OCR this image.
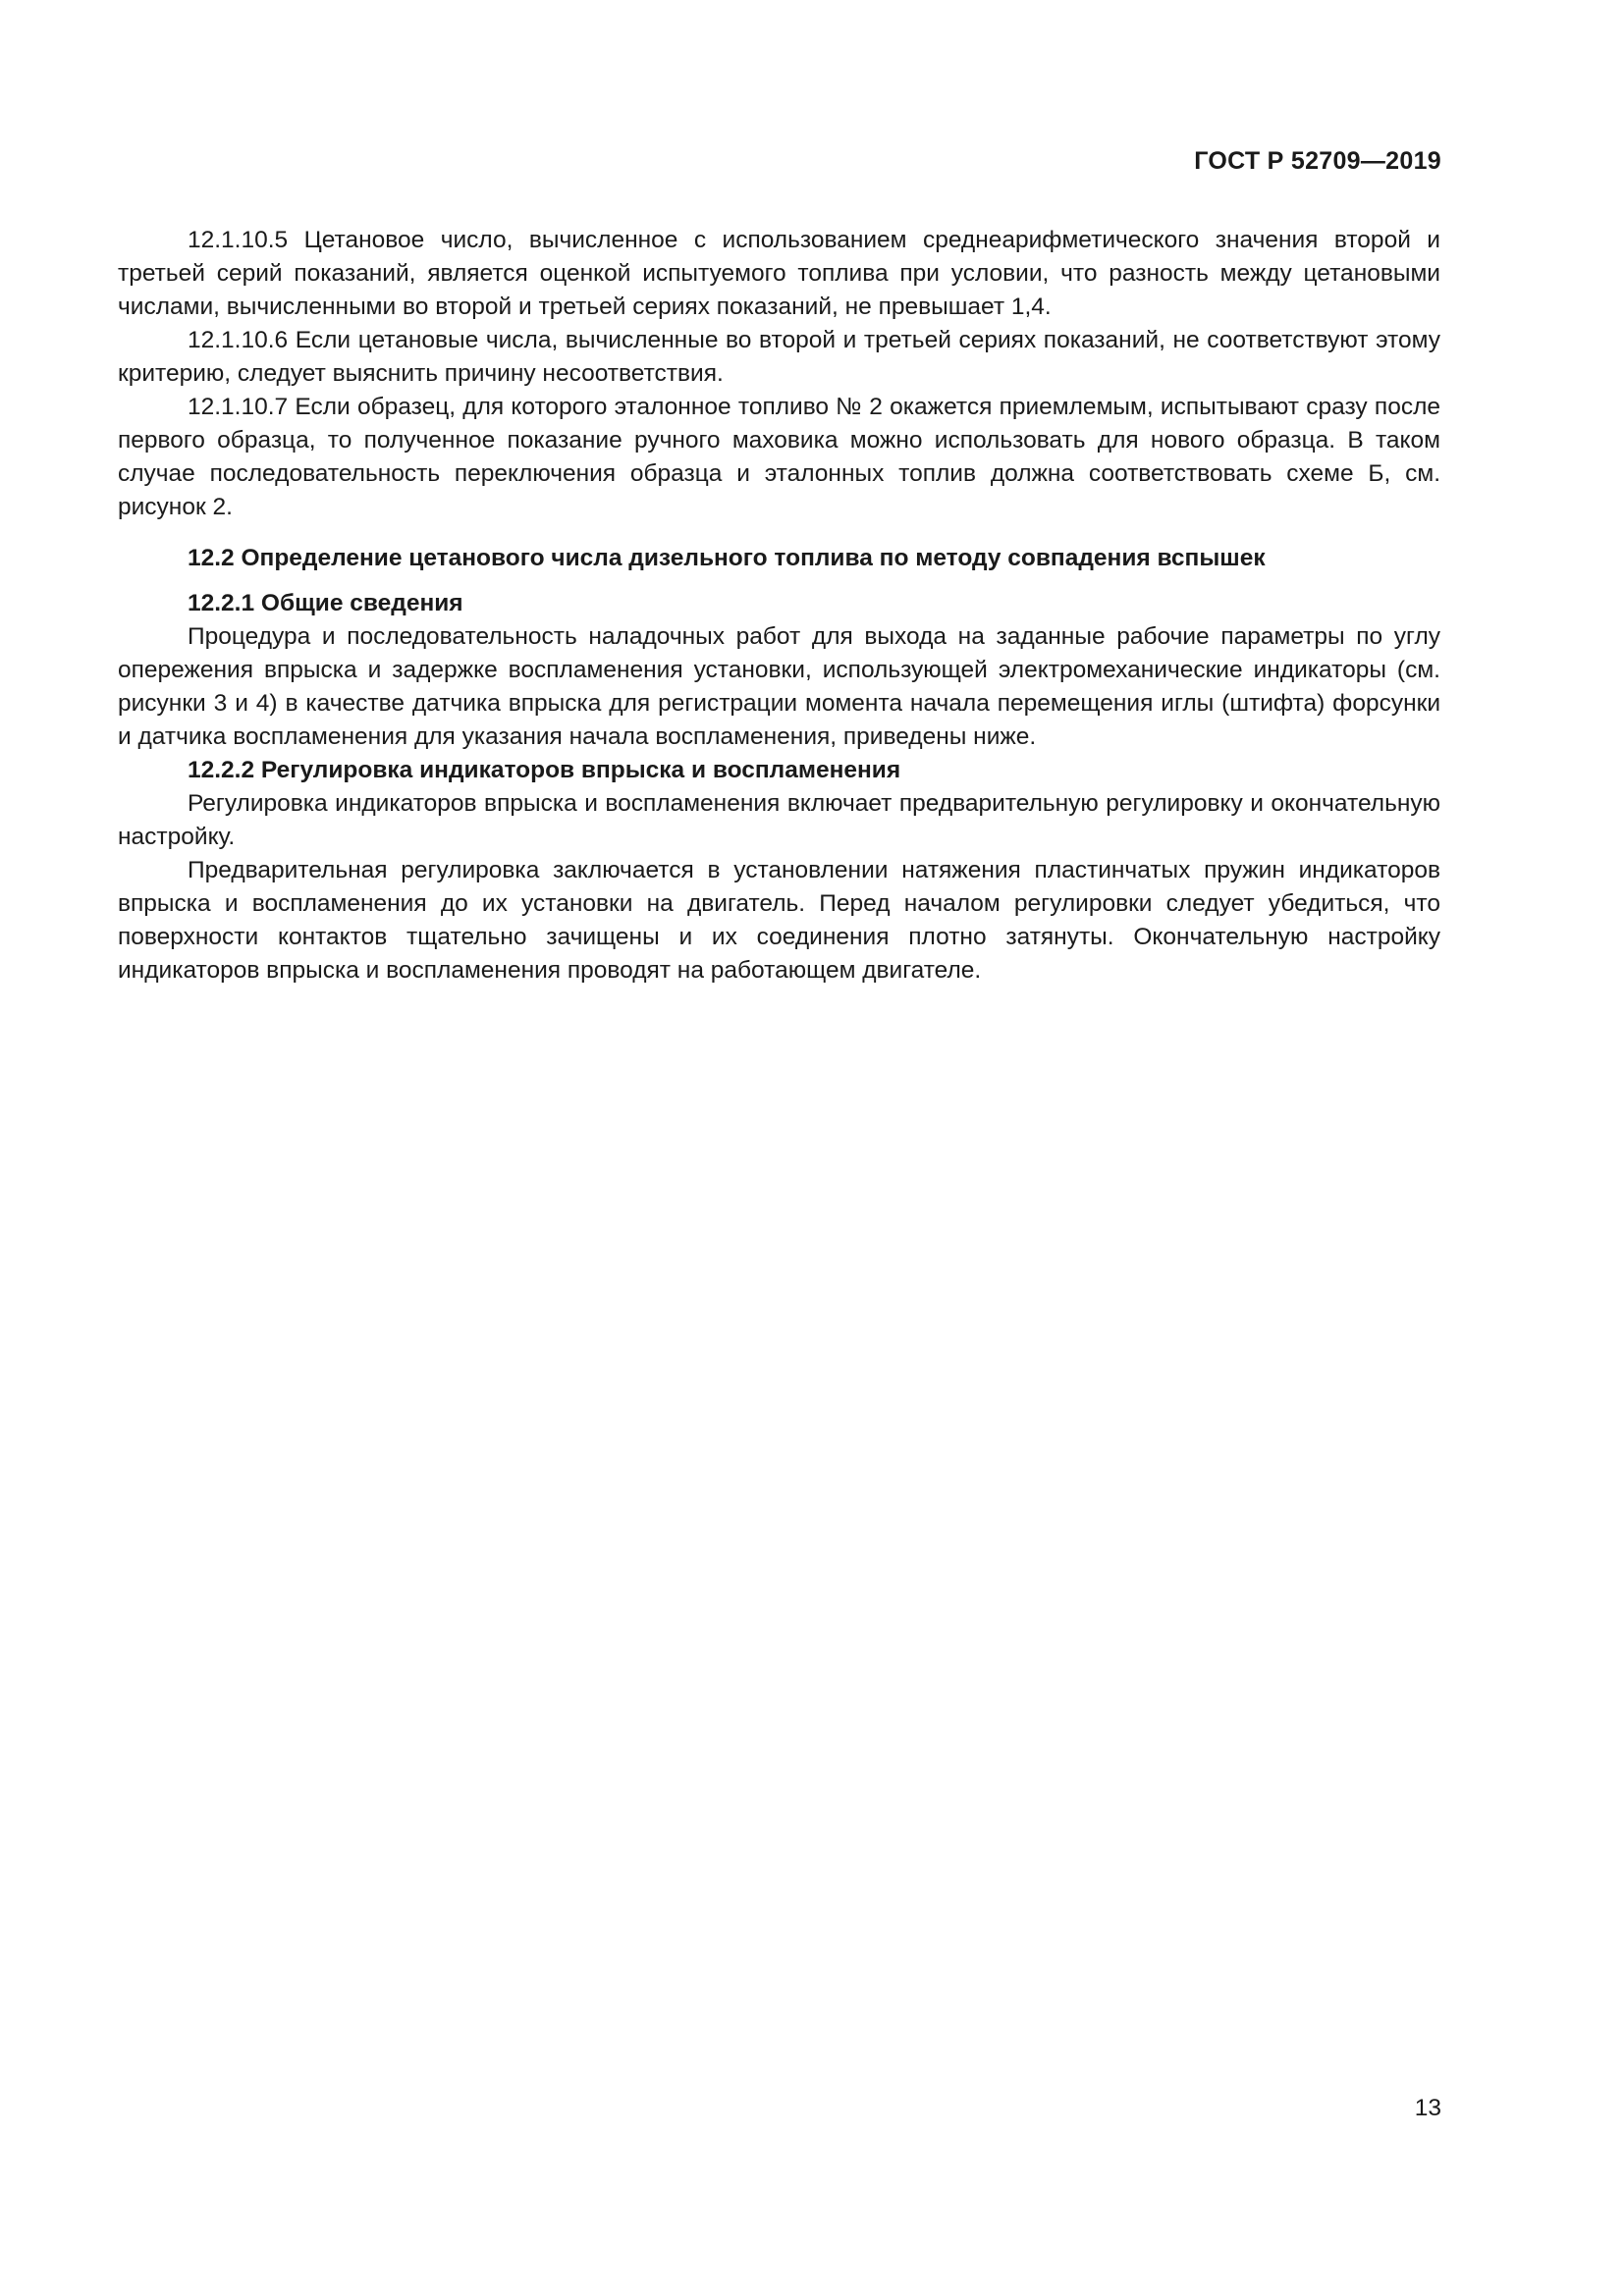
ГОСТ Р 52709—2019

12.1.10.5 Цетановое число, вычисленное с использованием среднеарифметического значения второй и третьей серий показаний, является оценкой испытуемого топлива при условии, что разность между цетановыми числами, вычисленными во второй и третьей сериях показаний, не превышает 1,4.

12.1.10.6 Если цетановые числа, вычисленные во второй и третьей сериях показаний, не соответствуют этому критерию, следует выяснить причину несоответствия.

12.1.10.7 Если образец, для которого эталонное топливо № 2 окажется приемлемым, испытывают сразу после первого образца, то полученное показание ручного маховика можно использовать для нового образца. В таком случае последовательность переключения образца и эталонных топлив должна соответствовать схеме Б, см. рисунок 2.

12.2 Определение цетанового числа дизельного топлива по методу совпадения вспышек

12.2.1 Общие сведения

Процедура и последовательность наладочных работ для выхода на заданные рабочие параметры по углу опережения впрыска и задержке воспламенения установки, использующей электромеханические индикаторы (см. рисунки 3 и 4) в качестве датчика впрыска для регистрации момента начала перемещения иглы (штифта) форсунки и датчика воспламенения для указания начала воспламенения, приведены ниже.

12.2.2 Регулировка индикаторов впрыска и воспламенения

Регулировка индикаторов впрыска и воспламенения включает предварительную регулировку и окончательную настройку.

Предварительная регулировка заключается в установлении натяжения пластинчатых пружин индикаторов впрыска и воспламенения до их установки на двигатель. Перед началом регулировки следует убедиться, что поверхности контактов тщательно зачищены и их соединения плотно затянуты. Окончательную настройку индикаторов впрыска и воспламенения проводят на работающем двигателе.

13
